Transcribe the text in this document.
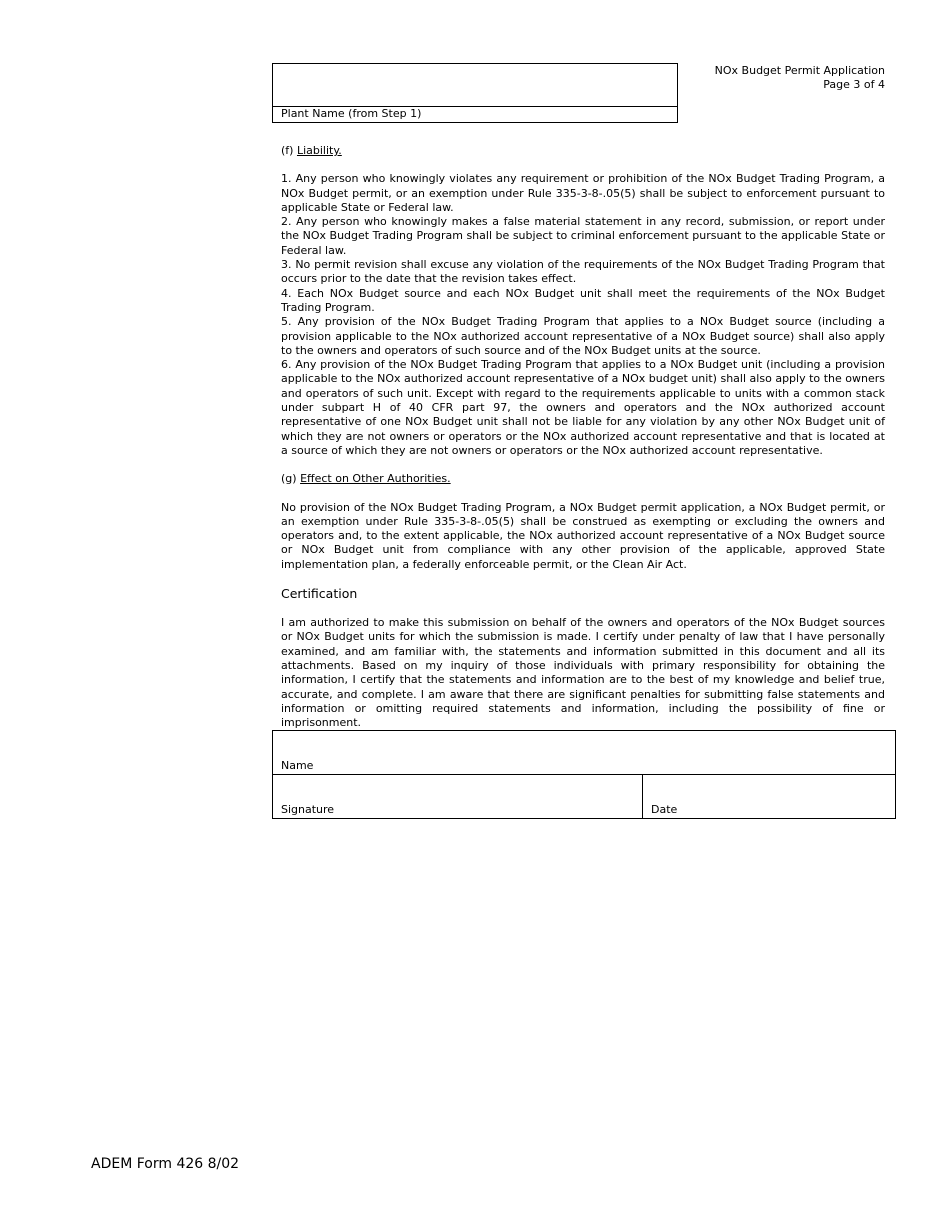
Plant Name (from Step 1)
NOx Budget Permit Application
Page 3 of 4

(f) Liability.

1. Any person who knowingly violates any requirement or prohibition of the NOx Budget Trading Program, a NOx Budget permit, or an exemption under Rule 335-3-8-.05(5) shall be subject to enforcement pursuant to applicable State or Federal law.

2. Any person who knowingly makes a false material statement in any record, submission, or report under the NOx Budget Trading Program shall be subject to criminal enforcement pursuant to the applicable State or Federal law.

3. No permit revision shall excuse any violation of the requirements of the NOx Budget Trading Program that occurs prior to the date that the revision takes effect.

4. Each NOx Budget source and each NOx Budget unit shall meet the requirements of the NOx Budget Trading Program.

5. Any provision of the NOx Budget Trading Program that applies to a NOx Budget source (including a provision applicable to the NOx authorized account representative of a NOx Budget source) shall also apply to the owners and operators of such source and of the NOx Budget units at the source.

6. Any provision of the NOx Budget Trading Program that applies to a NOx Budget unit (including a provision applicable to the NOx authorized account representative of a NOx budget unit) shall also apply to the owners and operators of such unit. Except with regard to the requirements applicable to units with a common stack under subpart H of 40 CFR part 97, the owners and operators and the NOx authorized account representative of one NOx Budget unit shall not be liable for any violation by any other NOx Budget unit of which they are not owners or operators or the NOx authorized account representative and that is located at a source of which they are not owners or operators or the NOx authorized account representative.

(g) Effect on Other Authorities.

No provision of the NOx Budget Trading Program, a NOx Budget permit application, a NOx Budget permit, or an exemption under Rule 335-3-8-.05(5) shall be construed as exempting or excluding the owners and operators and, to the extent applicable, the NOx authorized account representative of a NOx Budget source or NOx Budget unit from compliance with any other provision of the applicable, approved State implementation plan, a federally enforceable permit, or the Clean Air Act.

Certification

I am authorized to make this submission on behalf of the owners and operators of the NOx Budget sources or NOx Budget units for which the submission is made. I certify under penalty of law that I have personally examined, and am familiar with, the statements and information submitted in this document and all its attachments. Based on my inquiry of those individuals with primary responsibility for obtaining the information, I certify that the statements and information are to the best of my knowledge and belief true, accurate, and complete. I am aware that there are significant penalties for submitting false statements and information or omitting required statements and information, including the possibility of fine or imprisonment.

Name
Signature	Date
ADEM Form 426 8/02
